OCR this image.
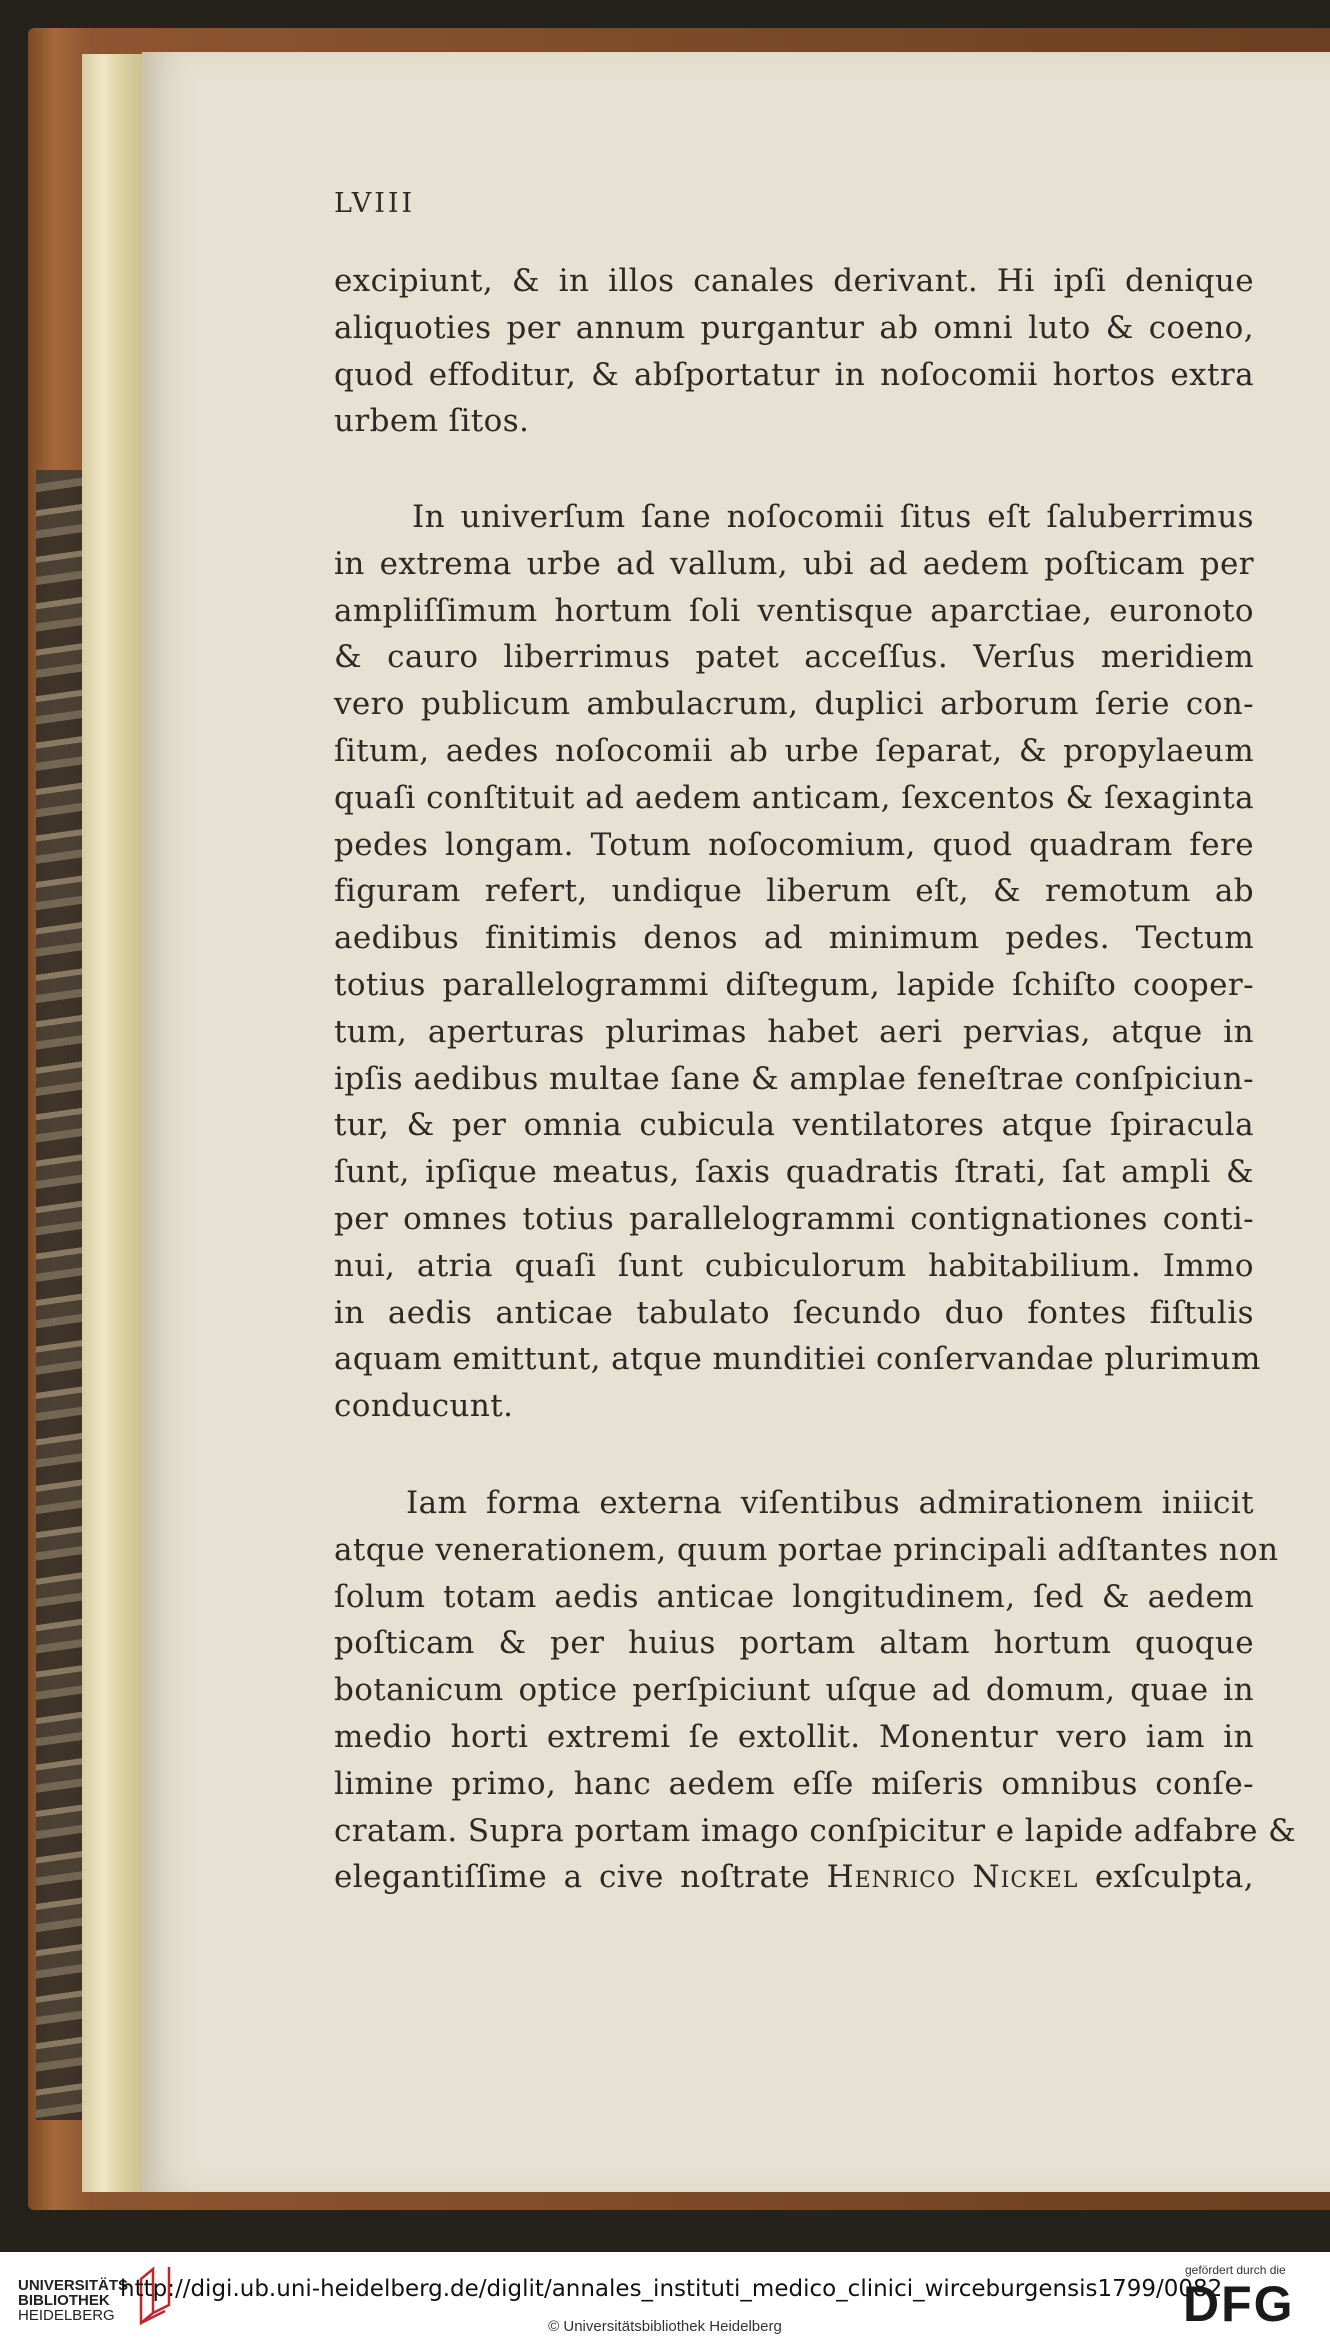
LVIII
excipiunt, & in illos canales derivant. Hi ipſi denique
aliquoties per annum purgantur ab omni luto & coeno,
quod effoditur, & abſportatur in noſocomii hortos extra
urbem ſitos.
In univerſum ſane noſocomii ſitus eſt ſaluberrimus
in extrema urbe ad vallum, ubi ad aedem poſticam per
ampliſſimum hortum ſoli ventisque aparctiae, euronoto
& cauro liberrimus patet acceſſus. Verſus meridiem
vero publicum ambulacrum, duplici arborum ſerie con-
ſitum, aedes noſocomii ab urbe ſeparat, & propylaeum
quaſi conſtituit ad aedem anticam, ſexcentos & ſexaginta
pedes longam. Totum noſocomium, quod quadram fere
figuram refert, undique liberum eſt, & remotum ab
aedibus finitimis denos ad minimum pedes. Tectum
totius parallelogrammi diſtegum, lapide ſchiſto cooper-
tum, aperturas plurimas habet aeri pervias, atque in
ipſis aedibus multae ſane & amplae feneſtrae conſpiciun-
tur, & per omnia cubicula ventilatores atque ſpiracula
ſunt, ipſique meatus, ſaxis quadratis ſtrati, ſat ampli &
per omnes totius parallelogrammi contignationes conti-
nui, atria quaſi ſunt cubiculorum habitabilium. Immo
in aedis anticae tabulato ſecundo duo fontes fiſtulis
aquam emittunt, atque munditiei conſervandae plurimum
conducunt.
Iam forma externa viſentibus admirationem iniicit
atque venerationem, quum portae principali adſtantes non
ſolum totam aedis anticae longitudinem, ſed & aedem
poſticam & per huius portam altam hortum quoque
botanicum optice perſpiciunt uſque ad domum, quae in
medio horti extremi ſe extollit. Monentur vero iam in
limine primo, hanc aedem eſſe miſeris omnibus conſe-
cratam. Supra portam imago conſpicitur e lapide adfabre &
elegantiſſime a cive noſtrate Henrico Nickel exſculpta,
UNIVERSITÄTS
BIBLIOTHEK
HEIDELBERG
http://digi.ub.uni-heidelberg.de/diglit/annales_instituti_medico_clinici_wirceburgensis1799/0082
© Universitätsbibliothek Heidelberg
gefördert durch die
DFG
